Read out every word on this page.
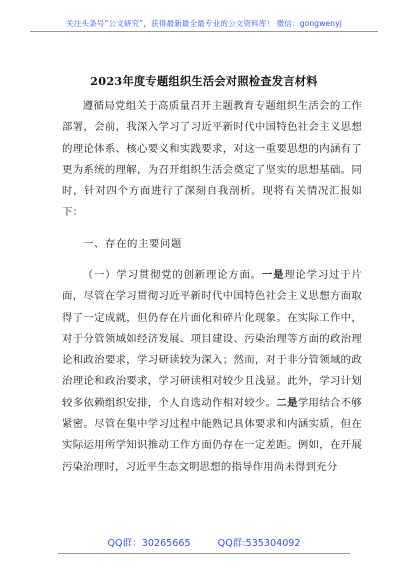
关注头条号“公文研究”，获得最新最全最专业的公文资料库！ 微信：gongwenyj
2023年度专题组织生活会对照检查发言材料
遵循局党组关于高质量召开主题教育专题组织生活会的工作部署，会前，我深入学习了习近平新时代中国特色社会主义思想的理论体系、核心要义和实践要求，对这一重要思想的内涵有了更为系统的理解，为召开组织生活会奠定了坚实的思想基础。同时，针对四个方面进行了深刻自我剖析。现将有关情况汇报如下：
一、存在的主要问题
（一）学习贯彻党的创新理论方面。一是理论学习过于片面，尽管在学习贯彻习近平新时代中国特色社会主义思想方面取得了一定成就，但仍存在片面化和碎片化现象。在实际工作中，对于分管领域如经济发展、项目建设、污染治理等方面的政治理论和政治要求，学习研读较为深入；然而，对于非分管领域的政治理论和政治要求，学习研读相对较少且浅显。此外，学习计划较多依赖组织安排，个人自选动作相对较少。二是学用结合不够紧密。尽管在集中学习过程中能熟记具体要求和内涵实质，但在实际运用所学知识推动工作方面仍存在一定差距。例如，在开展污染治理时，习近平生态文明思想的指导作用尚未得到充分
QQ群：30265665	QQ群:535304092
